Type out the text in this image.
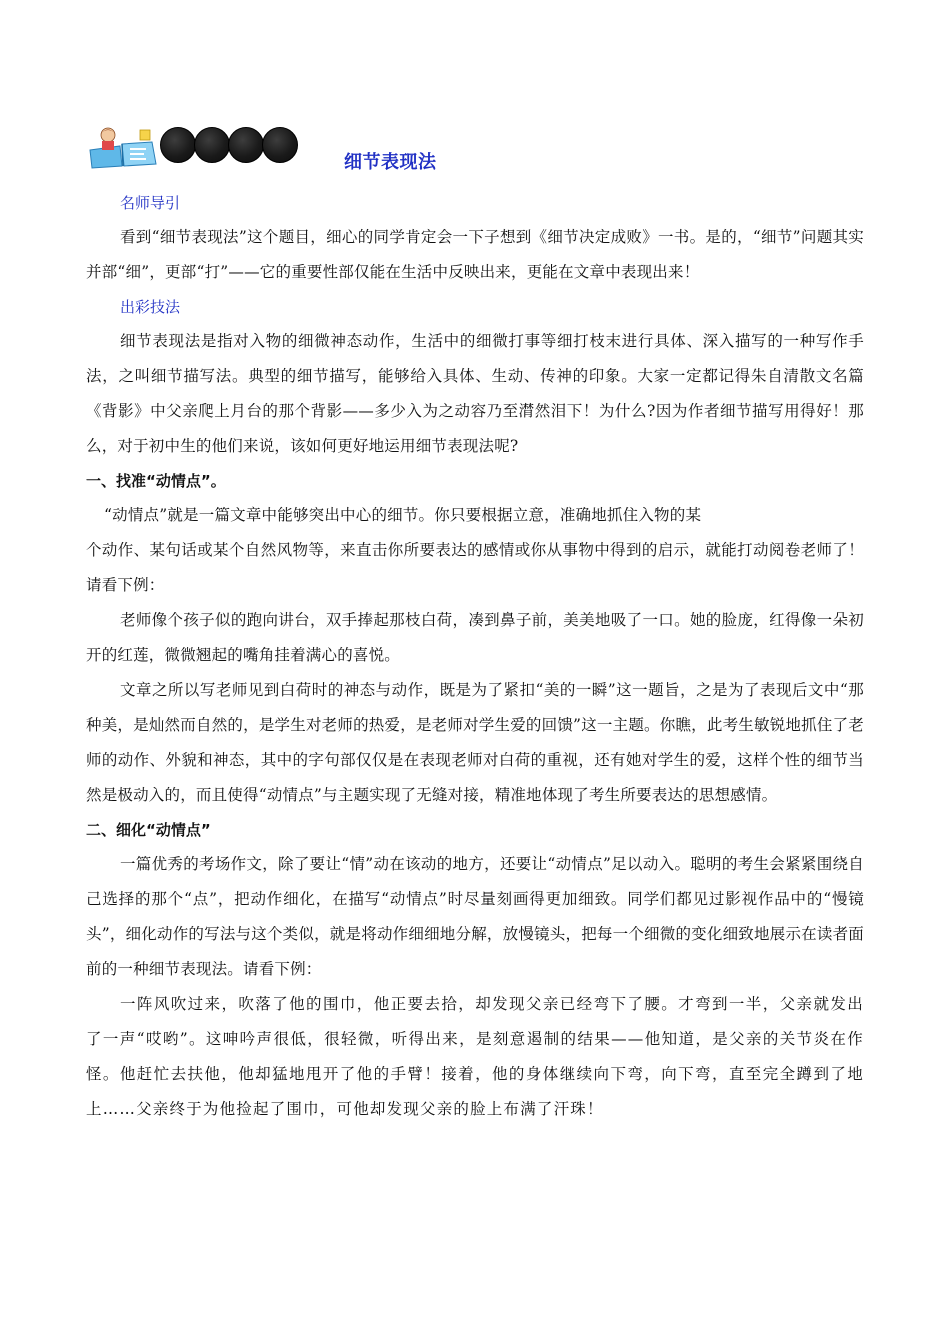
细节表现法

名师导引

看到“细节表现法”这个题目，细心的同学肯定会一下子想到《细节决定成败》一书。是的，“细节”问题其实并部“细”，更部“打”——它的重要性部仅能在生活中反映出来，更能在文章中表现出来！

出彩技法

细节表现法是指对入物的细微神态动作，生活中的细微打事等细打枝末进行具体、深入描写的一种写作手法，之叫细节描写法。典型的细节描写，能够给入具体、生动、传神的印象。大家一定都记得朱自清散文名篇《背影》中父亲爬上月台的那个背影——多少入为之动容乃至潸然泪下！为什么?因为作者细节描写用得好！那么，对于初中生的他们来说，该如何更好地运用细节表现法呢?

一、找准“动情点”。

“动情点”就是一篇文章中能够突出中心的细节。你只要根据立意，准确地抓住入物的某

个动作、某句话或某个自然风物等，来直击你所要表达的感情或你从事物中得到的启示，就能打动阅卷老师了！请看下例：

老师像个孩子似的跑向讲台，双手捧起那枝白荷，凑到鼻子前，美美地吸了一口。她的脸庞，红得像一朵初开的红莲，微微翘起的嘴角挂着满心的喜悦。

文章之所以写老师见到白荷时的神态与动作，既是为了紧扣“美的一瞬”这一题旨，之是为了表现后文中“那种美，是灿然而自然的，是学生对老师的热爱，是老师对学生爱的回馈”这一主题。你瞧，此考生敏锐地抓住了老师的动作、外貌和神态，其中的字句部仅仅是在表现老师对白荷的重视，还有她对学生的爱，这样个性的细节当然是极动入的，而且使得“动情点”与主题实现了无缝对接，精准地体现了考生所要表达的思想感情。

二、细化“动情点”

一篇优秀的考场作文，除了要让“情”动在该动的地方，还要让“动情点”足以动入。聪明的考生会紧紧围绕自己选择的那个“点”，把动作细化，在描写“动情点”时尽量刻画得更加细致。同学们都见过影视作品中的“慢镜头”，细化动作的写法与这个类似，就是将动作细细地分解，放慢镜头，把每一个细微的变化细致地展示在读者面前的一种细节表现法。请看下例：

一阵风吹过来，吹落了他的围巾，他正要去拾，却发现父亲已经弯下了腰。才弯到一半，父亲就发出了一声“哎哟”。这呻吟声很低，很轻微，听得出来，是刻意遏制的结果——他知道，是父亲的关节炎在作怪。他赶忙去扶他，他却猛地甩开了他的手臂！接着，他的身体继续向下弯，向下弯，直至完全蹲到了地上……父亲终于为他捡起了围巾，可他却发现父亲的脸上布满了汗珠！
